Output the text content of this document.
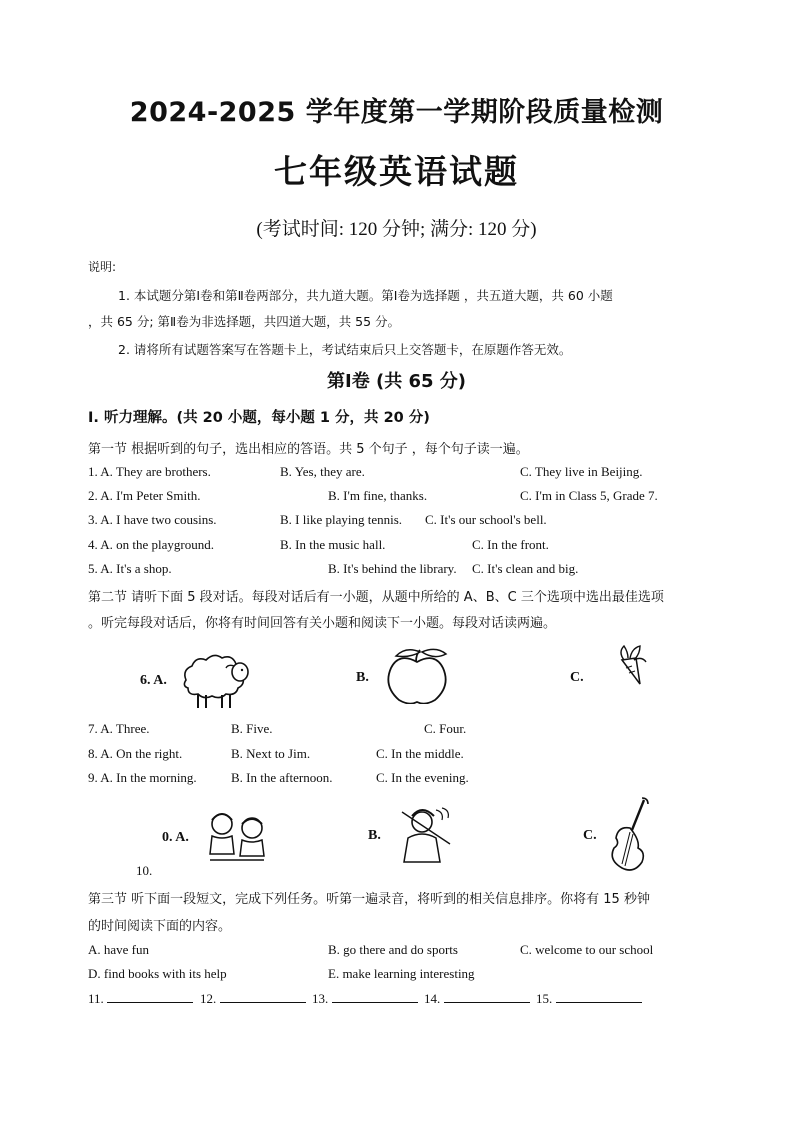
2024-2025 学年度第一学期阶段质量检测
七年级英语试题
(考试时间: 120 分钟; 满分: 120 分)
说明:
1. 本试题分第Ⅰ卷和第Ⅱ卷两部分，共九道大题。第Ⅰ卷为选择题 ，共五道大题，共 60 小题
，共 65 分; 第Ⅱ卷为非选择题，共四道大题，共 55 分。
2. 请将所有试题答案写在答题卡上，考试结束后只上交答题卡，在原题作答无效。
第Ⅰ卷 (共 65 分)
Ⅰ. 听力理解。(共 20 小题，每小题 1 分，共 20 分)
第一节 根据听到的句子，选出相应的答语。共 5 个句子 ，每个句子读一遍。
1. A. They are brothers.	B. Yes, they are.	C. They live in Beijing.
2. A. I'm Peter Smith.	B. I'm fine, thanks.	C. I'm in Class 5, Grade 7.
3. A. I have two cousins.	B. I like playing tennis. C. It's our school's bell.
4. A. on the playground.	B. In the music hall.	C. In the front.
5. A. It's a shop.	B. It's behind the library. C. It's clean and big.
第二节 请听下面 5 段对话。每段对话后有一小题，从题中所给的 A、B、C 三个选项中选出最佳选项
。听完每段对话后，你将有时间回答有关小题和阅读下一小题。每段对话读两遍。
6. A.	B.	C.
7. A. Three.	B. Five.	C. Four.
8. A. On the right.	B. Next to Jim.	C. In the middle.
9. A. In the morning.	B. In the afternoon.	C. In the evening.
0. A.	B.	C.
10.
第三节 听下面一段短文，完成下列任务。听第一遍录音，将听到的相关信息排序。你将有 15 秒钟
的时间阅读下面的内容。
A. have fun	B. go there and do sports	C. welcome to our school
D. find books with its help	E. make learning interesting
11.	12.	13.	14.	15.
